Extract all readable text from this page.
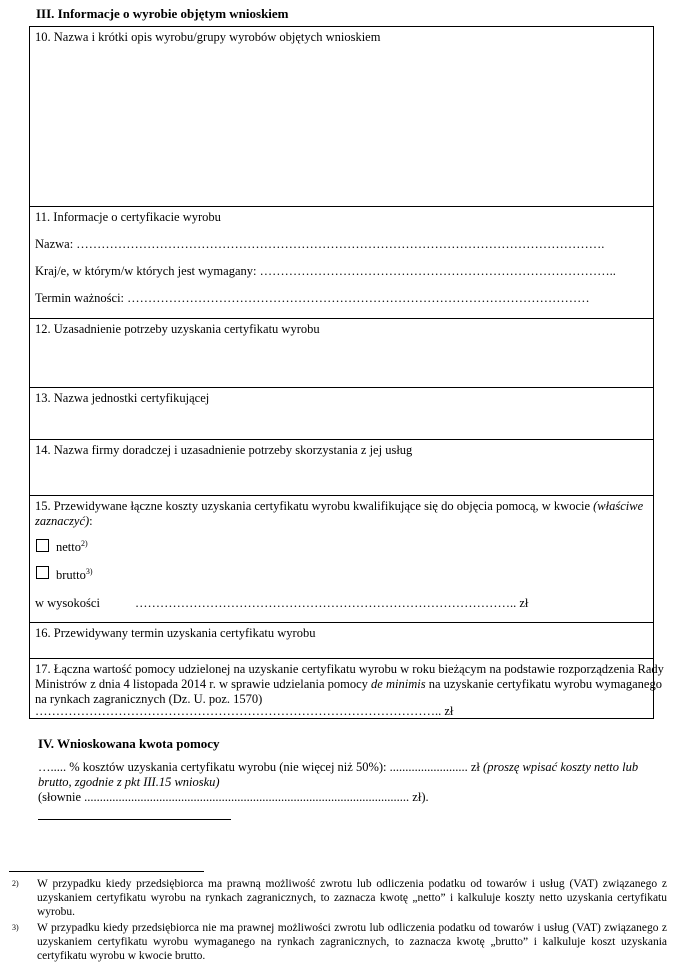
III. Informacje o wyrobie objętym wnioskiem
10. Nazwa i krótki opis wyrobu/grupy wyrobów objętych wnioskiem
11. Informacje o certyfikacie wyrobu
Nazwa: ……………………………………………………………………………………………………………….
Kraj/e, w którym/w których jest wymagany: …………………………………………………………………………..
Termin ważności: …………………………………………………………………………………………………
12. Uzasadnienie potrzeby uzyskania certyfikatu wyrobu
13. Nazwa jednostki certyfikującej
14. Nazwa firmy doradczej i uzasadnienie potrzeby skorzystania z jej usług
15. Przewidywane łączne koszty uzyskania certyfikatu wyrobu kwalifikujące się do objęcia pomocą, w kwocie (właściwe
zaznaczyć):
netto$^{2)}$
brutto$^{3)}$
w wysokości	……………………………………………………………………………….. zł
16. Przewidywany termin uzyskania certyfikatu wyrobu
17. Łączna wartość pomocy udzielonej na uzyskanie certyfikatu wyrobu w roku bieżącym na podstawie rozporządzenia Rady
Ministrów z dnia 4 listopada 2014 r. w sprawie udzielania pomocy de minimis na uzyskanie certyfikatu wyrobu wymaganego
na rynkach zagranicznych (Dz. U. poz. 1570)
…………………………………………………………………………………….. zł
IV. Wnioskowana kwota pomocy
…..... % kosztów uzyskania certyfikatu wyrobu (nie więcej niż 50%): ......................... zł (proszę wpisać koszty netto lub
brutto, zgodnie z pkt III.15 wniosku)
(słownie ........................................................................................................ zł).
2) W przypadku kiedy przedsiębiorca ma prawną możliwość zwrotu lub odliczenia podatku od towarów i usług (VAT) związanego z uzyskaniem certyfikatu wyrobu na rynkach zagranicznych, to zaznacza kwotę „netto” i kalkuluje koszty netto uzyskania certyfikatu wyrobu.
3) W przypadku kiedy przedsiębiorca nie ma prawnej możliwości zwrotu lub odliczenia podatku od towarów i usług (VAT) związanego z uzyskaniem certyfikatu wyrobu wymaganego na rynkach zagranicznych, to zaznacza kwotę „brutto” i kalkuluje koszt uzyskania certyfikatu wyrobu w kwocie brutto.
